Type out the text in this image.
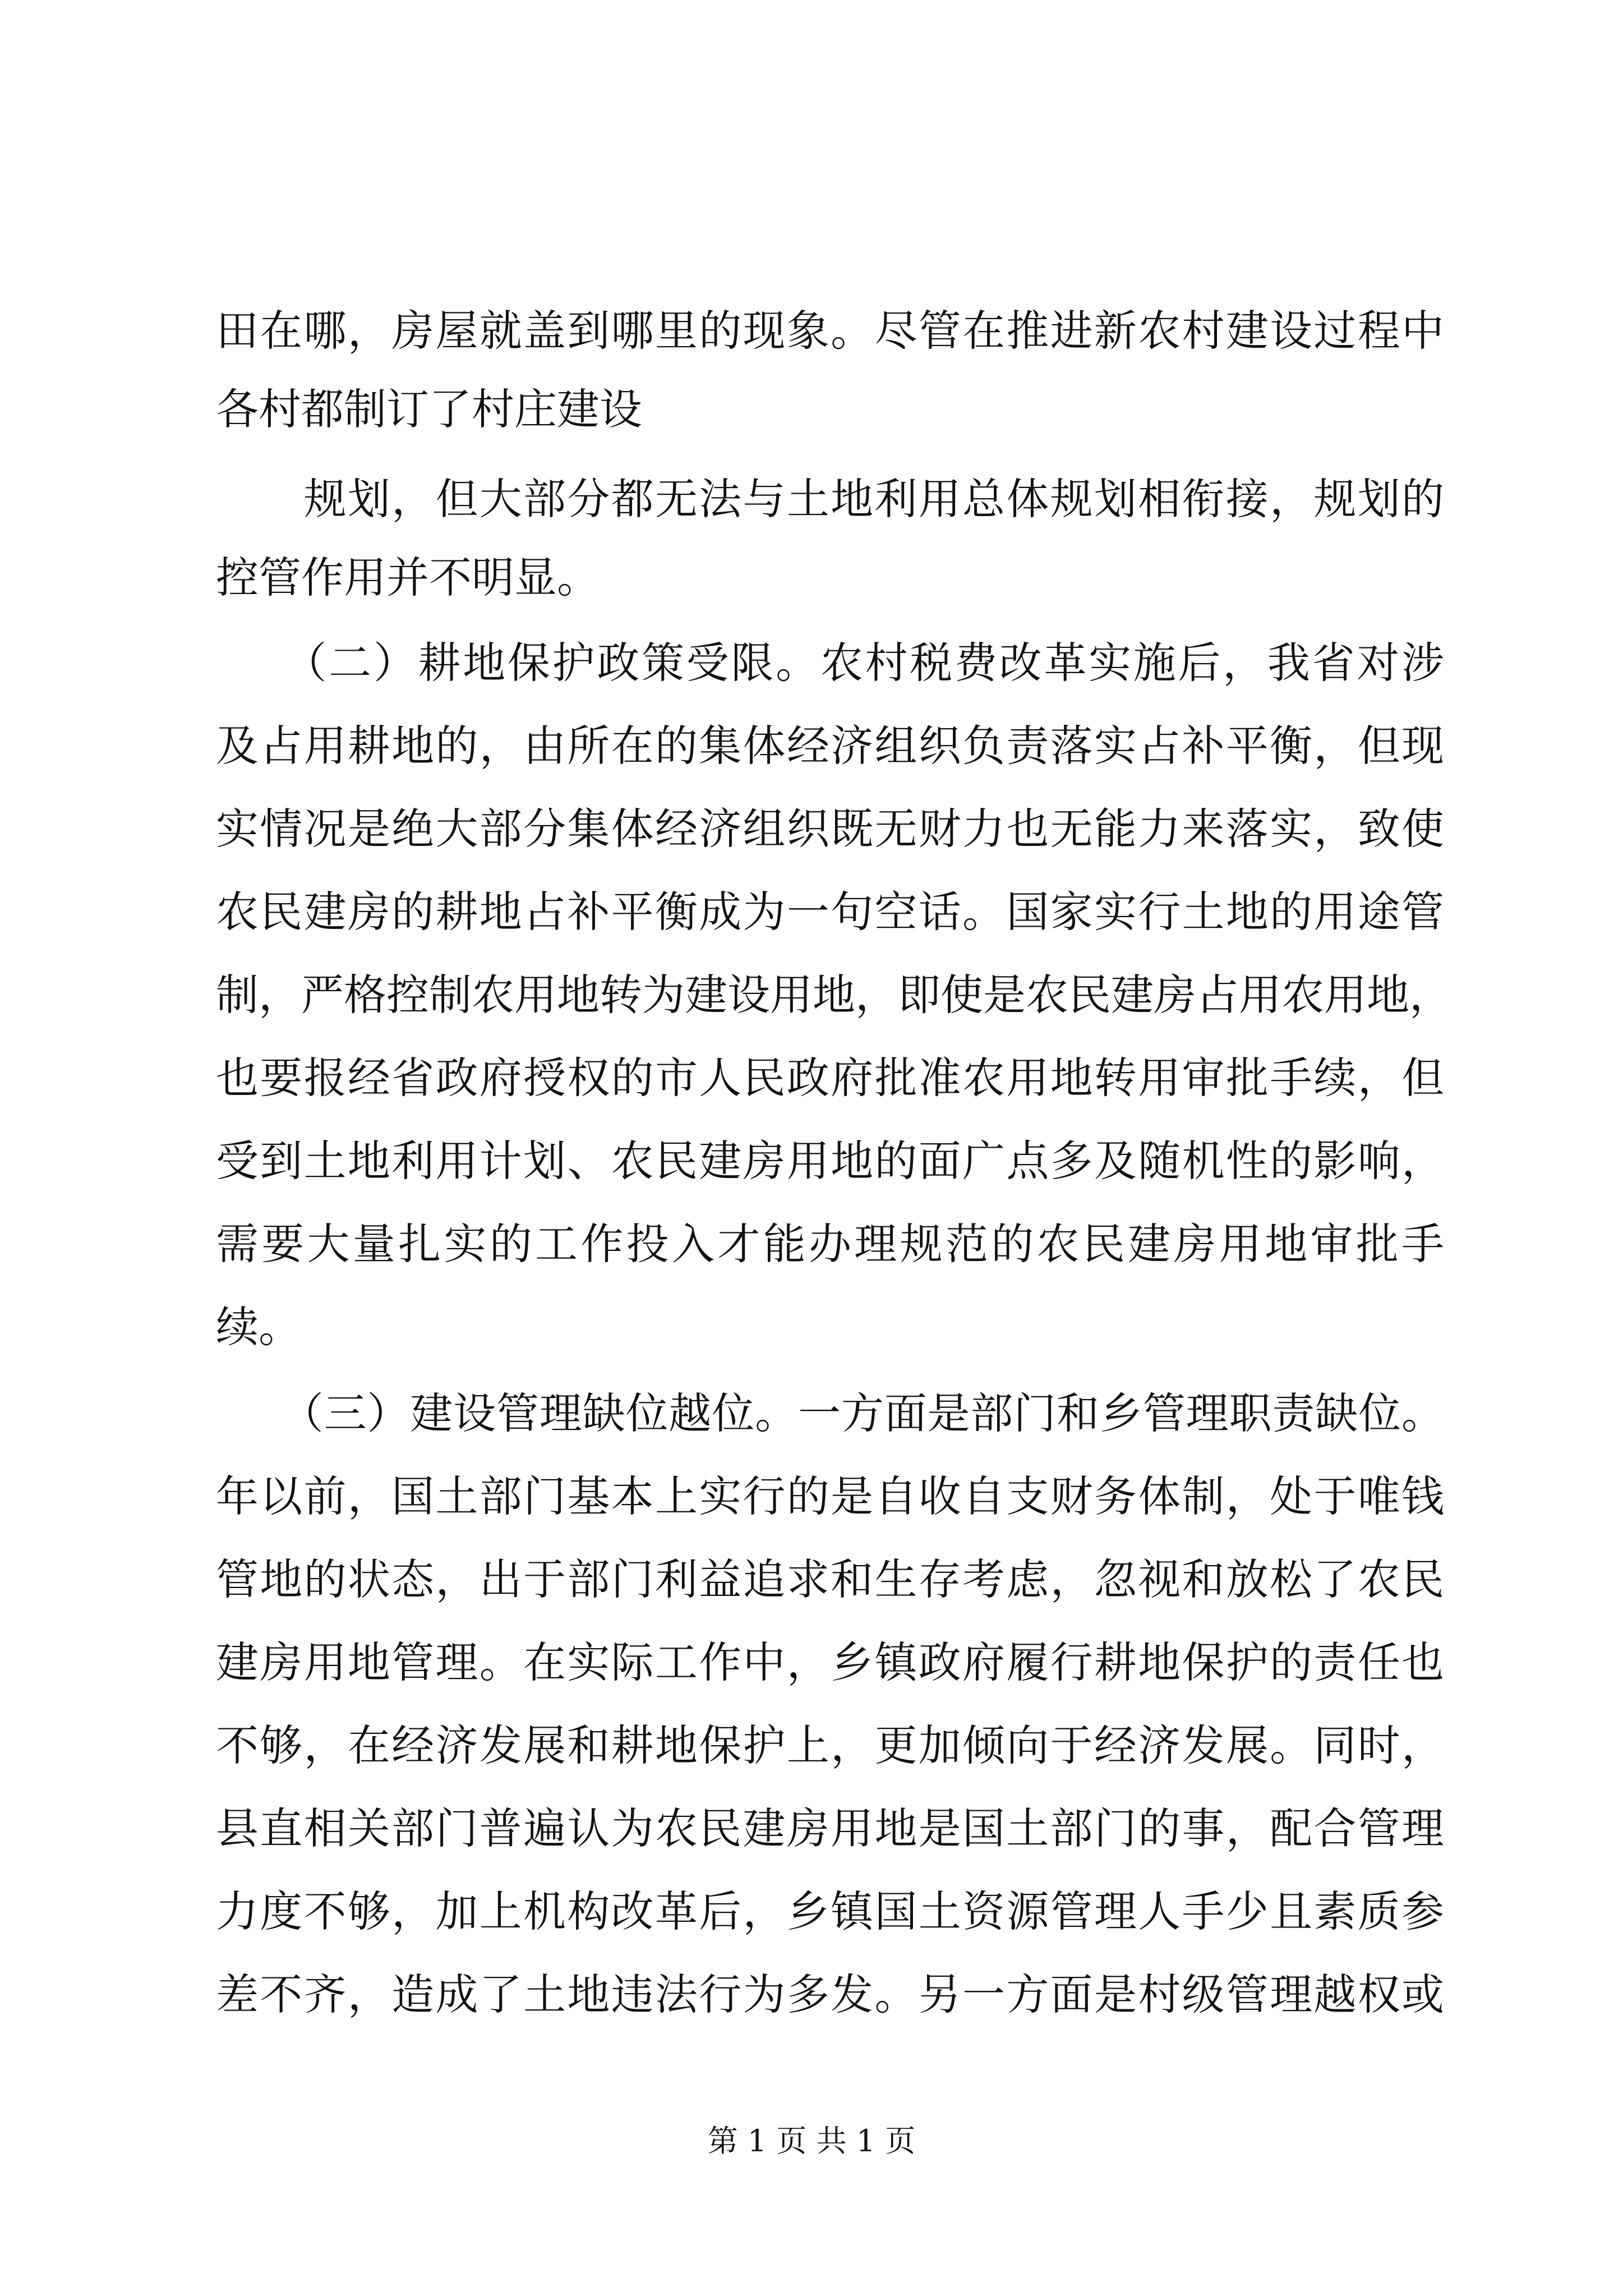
田在哪，房屋就盖到哪里的现象。尽管在推进新农村建设过程中

各村都制订了村庄建设

　　规划，但大部分都无法与土地利用总体规划相衔接，规划的

控管作用并不明显。

　　（二）耕地保护政策受限。农村税费改革实施后，我省对涉

及占用耕地的，由所在的集体经济组织负责落实占补平衡，但现

实情况是绝大部分集体经济组织既无财力也无能力来落实，致使

农民建房的耕地占补平衡成为一句空话。国家实行土地的用途管

制，严格控制农用地转为建设用地，即使是农民建房占用农用地，

也要报经省政府授权的市人民政府批准农用地转用审批手续，但

受到土地利用计划、农民建房用地的面广点多及随机性的影响，

需要大量扎实的工作投入才能办理规范的农民建房用地审批手

续。

　　（三）建设管理缺位越位。一方面是部门和乡管理职责缺位。

年以前，国土部门基本上实行的是自收自支财务体制，处于唯钱

管地的状态，出于部门利益追求和生存考虑，忽视和放松了农民

建房用地管理。在实际工作中，乡镇政府履行耕地保护的责任也

不够，在经济发展和耕地保护上，更加倾向于经济发展。同时，

县直相关部门普遍认为农民建房用地是国土部门的事，配合管理

力度不够，加上机构改革后，乡镇国土资源管理人手少且素质参

差不齐，造成了土地违法行为多发。另一方面是村级管理越权或

第 1 页 共 1 页
